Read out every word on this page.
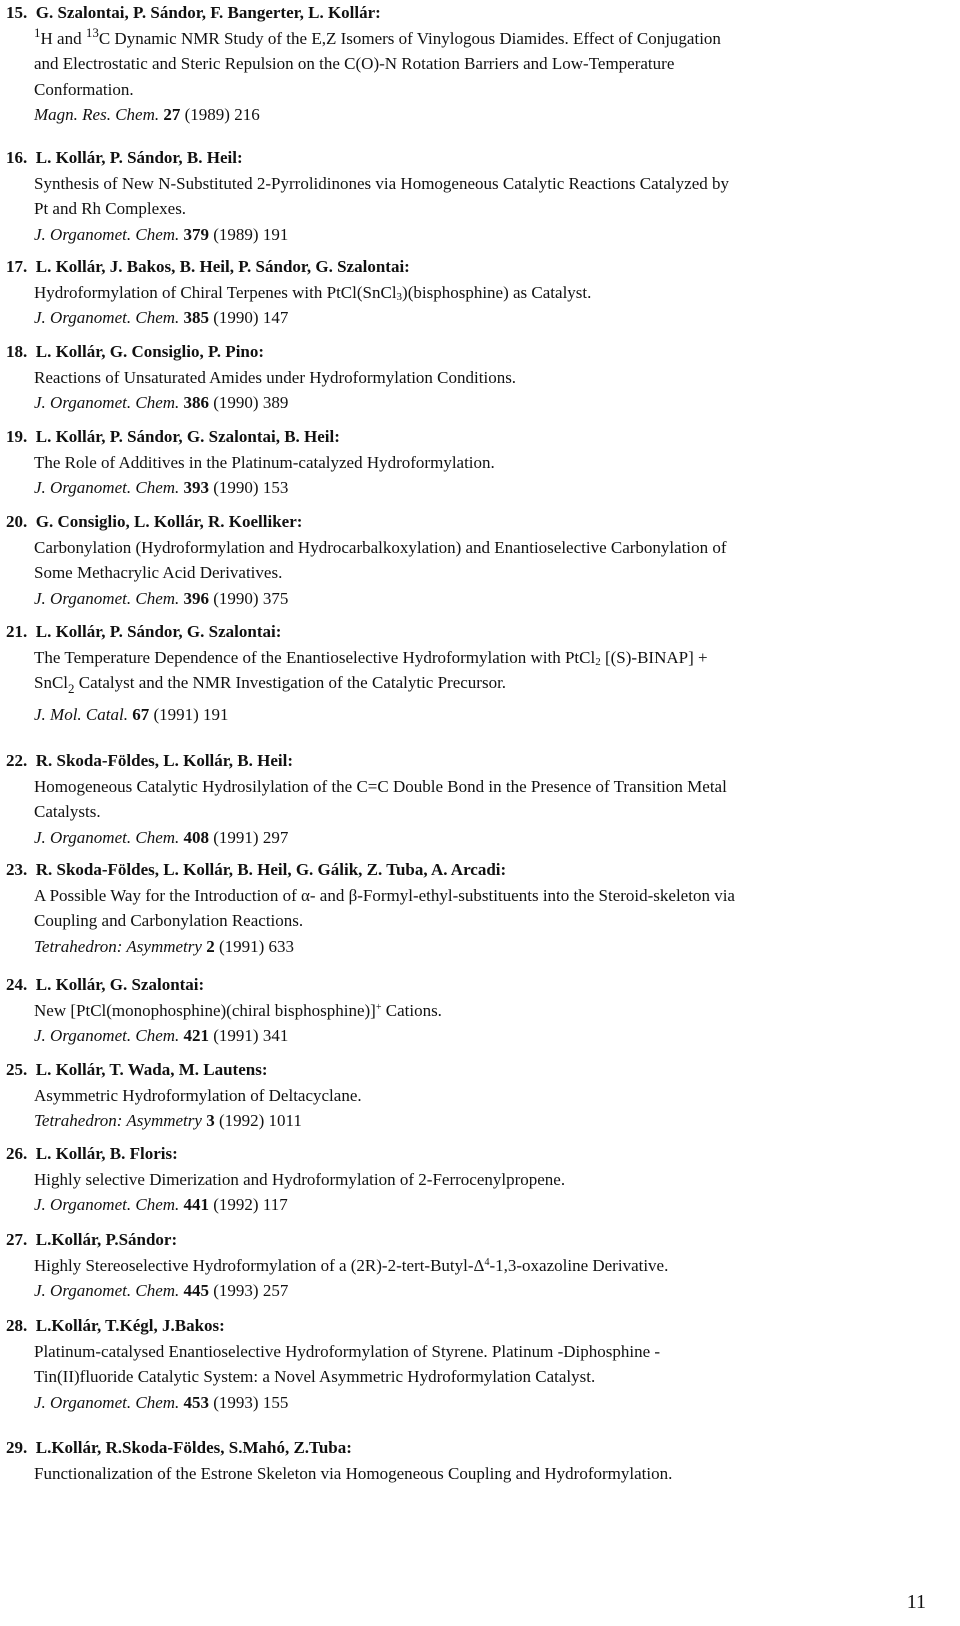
15. G. Szalontai, P. Sándor, F. Bangerter, L. Kollár:
$^1$H and $^{13}$C Dynamic NMR Study of the E,Z Isomers of Vinylogous Diamides. Effect of Conjugation
and Electrostatic and Steric Repulsion on the C(O)-N Rotation Barriers and Low-Temperature
Conformation.
Magn. Res. Chem. 27 (1989) 216
16. L. Kollár, P. Sándor, B. Heil:
Synthesis of New N-Substituted 2-Pyrrolidinones via Homogeneous Catalytic Reactions Catalyzed by
Pt and Rh Complexes.
J. Organomet. Chem. 379 (1989) 191
17. L. Kollár, J. Bakos, B. Heil, P. Sándor, G. Szalontai:
Hydroformylation of Chiral Terpenes with PtCl(SnCl3)(bisphosphine) as Catalyst.
J. Organomet. Chem. 385 (1990) 147
18. L. Kollár, G. Consiglio, P. Pino:
Reactions of Unsaturated Amides under Hydroformylation Conditions.
J. Organomet. Chem. 386 (1990) 389
19. L. Kollár, P. Sándor, G. Szalontai, B. Heil:
The Role of Additives in the Platinum-catalyzed Hydroformylation.
J. Organomet. Chem. 393 (1990) 153
20. G. Consiglio, L. Kollár, R. Koelliker:
Carbonylation (Hydroformylation and Hydrocarbalkoxylation) and Enantioselective Carbonylation of
Some Methacrylic Acid Derivatives.
J. Organomet. Chem. 396 (1990) 375
21. L. Kollár, P. Sándor, G. Szalontai:
The Temperature Dependence of the Enantioselective Hydroformylation with PtCl2 [(S)-BINAP] +
SnCl$_2$ Catalyst and the NMR Investigation of the Catalytic Precursor.
J. Mol. Catal. 67 (1991) 191
22. R. Skoda-Földes, L. Kollár, B. Heil:
Homogeneous Catalytic Hydrosilylation of the C=C Double Bond in the Presence of Transition Metal
Catalysts.
J. Organomet. Chem. 408 (1991) 297
23. R. Skoda-Földes, L. Kollár, B. Heil, G. Gálik, Z. Tuba, A. Arcadi:
A Possible Way for the Introduction of α- and β-Formyl-ethyl-substituents into the Steroid-skeleton via
Coupling and Carbonylation Reactions.
Tetrahedron: Asymmetry 2 (1991) 633
24. L. Kollár, G. Szalontai:
New [PtCl(monophosphine)(chiral bisphosphine)]+ Cations.
J. Organomet. Chem. 421 (1991) 341
25. L. Kollár, T. Wada, M. Lautens:
Asymmetric Hydroformylation of Deltacyclane.
Tetrahedron: Asymmetry 3 (1992) 1011
26. L. Kollár, B. Floris:
Highly selective Dimerization and Hydroformylation of 2-Ferrocenylpropene.
J. Organomet. Chem. 441 (1992) 117
27. L.Kollár, P.Sándor:
Highly Stereoselective Hydroformylation of a $(2R)-2-tert-Butyl-\Delta^4-1,3$-oxazoline Derivative.
J. Organomet. Chem. 445 (1993) 257
28. L.Kollár, T.Kégl, J.Bakos:
Platinum-catalysed Enantioselective Hydroformylation of Styrene. Platinum -Diphosphine -
Tin(II)fluoride Catalytic System: a Novel Asymmetric Hydroformylation Catalyst.
J. Organomet. Chem. 453 (1993) 155
29. L.Kollár, R.Skoda-Földes, S.Mahó, Z.Tuba:
Functionalization of the Estrone Skeleton via Homogeneous Coupling and Hydroformylation.
11
